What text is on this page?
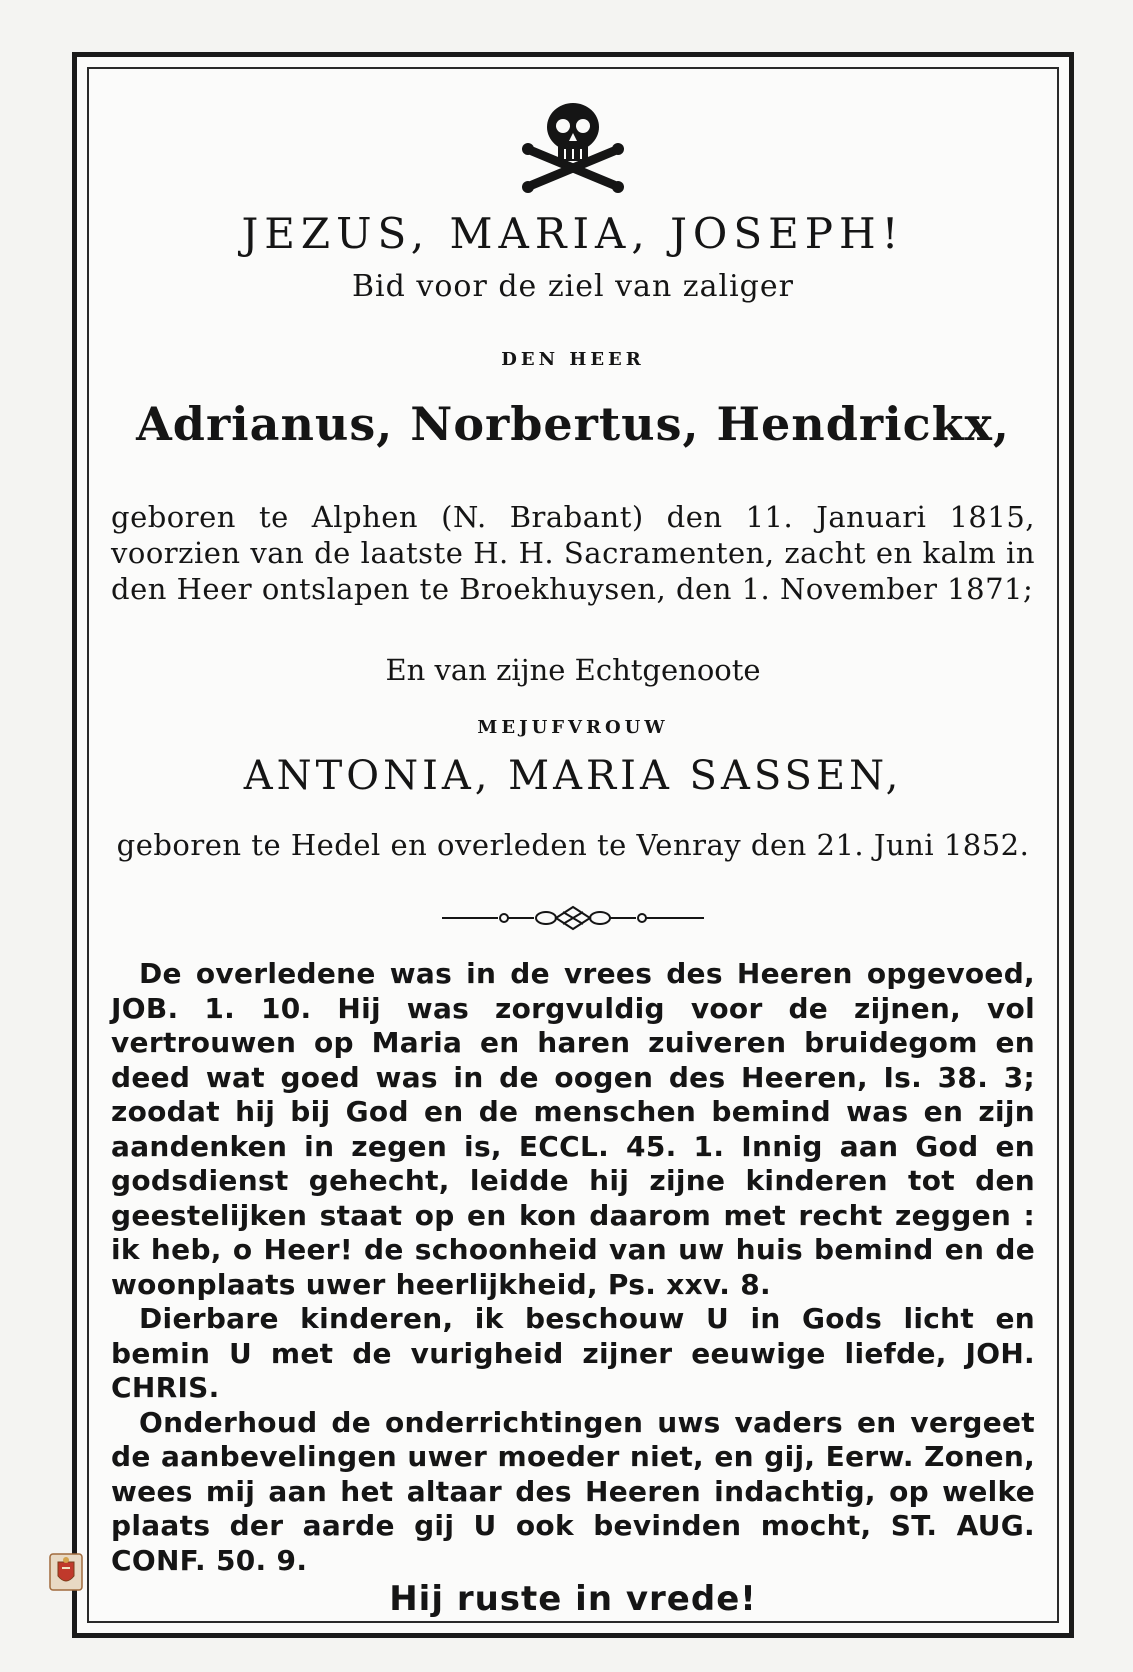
JEZUS, MARIA, JOSEPH!
Bid voor de ziel van zaliger
DEN HEER
Adrianus, Norbertus, Hendrickx,
geboren te Alphen (N. Brabant) den 11. Januari 1815, voorzien van de laatste H. H. Sacramenten, zacht en kalm in den Heer ontslapen te Broekhuysen, den 1. November 1871;
En van zijne Echtgenoote
MEJUFVROUW
ANTONIA, MARIA SASSEN,
geboren te Hedel en overleden te Venray den 21. Juni 1852.

De overledene was in de vrees des Heeren opgevoed, JOB. 1. 10. Hij was zorgvuldig voor de zijnen, vol vertrouwen op Maria en haren zuiveren bruidegom en deed wat goed was in de oogen des Heeren, Is. 38. 3; zoodat hij bij God en de menschen bemind was en zijn aandenken in zegen is, ECCL. 45. 1. Innig aan God en godsdienst gehecht, leidde hij zijne kinderen tot den geestelijken staat op en kon daarom met recht zeggen : ik heb, o Heer! de schoonheid van uw huis bemind en de woonplaats uwer heerlijkheid, Ps. xxv. 8.

Dierbare kinderen, ik beschouw U in Gods licht en bemin U met de vurigheid zijner eeuwige liefde, JOH. CHRIS.

Onderhoud de onderrichtingen uws vaders en vergeet de aanbevelingen uwer moeder niet, en gij, Eerw. Zonen, wees mij aan het altaar des Heeren indachtig, op welke plaats der aarde gij U ook bevinden mocht, ST. AUG. CONF. 50. 9.

Hij ruste in vrede!
